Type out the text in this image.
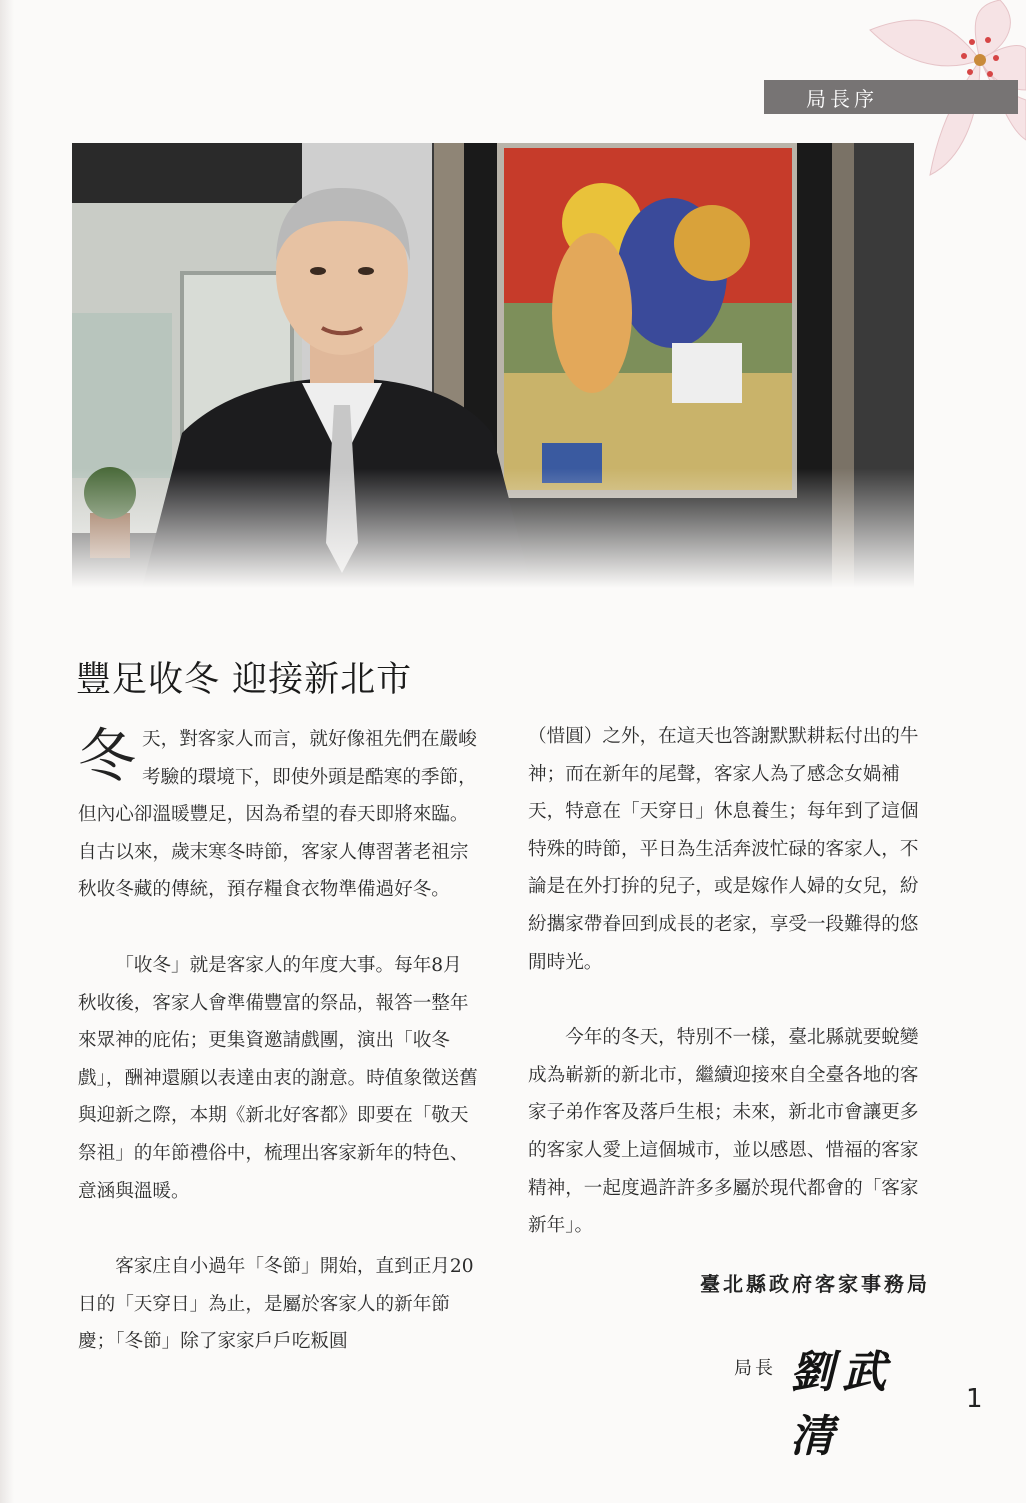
局長序
豐足收冬 迎接新北市

冬天，對客家人而言，就好像祖先們在嚴峻考驗的環境下，即使外頭是酷寒的季節，但內心卻溫暖豐足，因為希望的春天即將來臨。自古以來，歲末寒冬時節，客家人傳習著老祖宗秋收冬藏的傳統，預存糧食衣物準備過好冬。

「收冬」就是客家人的年度大事。每年8月秋收後，客家人會準備豐富的祭品，報答一整年來眾神的庇佑；更集資邀請戲團，演出「收冬戲」，酬神還願以表達由衷的謝意。時值象徵送舊與迎新之際，本期《新北好客都》即要在「敬天祭祖」的年節禮俗中，梳理出客家新年的特色、意涵與溫暖。

客家庄自小過年「冬節」開始，直到正月20日的「天穿日」為止，是屬於客家人的新年節慶；「冬節」除了家家戶戶吃粄圓

（惜圓）之外，在這天也答謝默默耕耘付出的牛神；而在新年的尾聲，客家人為了感念女媧補天，特意在「天穿日」休息養生；每年到了這個特殊的時節，平日為生活奔波忙碌的客家人，不論是在外打拚的兒子，或是嫁作人婦的女兒，紛紛攜家帶眷回到成長的老家，享受一段難得的悠閒時光。

今年的冬天，特別不一樣，臺北縣就要蛻變成為嶄新的新北市，繼續迎接來自全臺各地的客家子弟作客及落戶生根；未來，新北市會讓更多的客家人愛上這個城市，並以感恩、惜福的客家精神，一起度過許許多多屬於現代都會的「客家新年」。

臺北縣政府客家事務局
局長 劉武清
1
